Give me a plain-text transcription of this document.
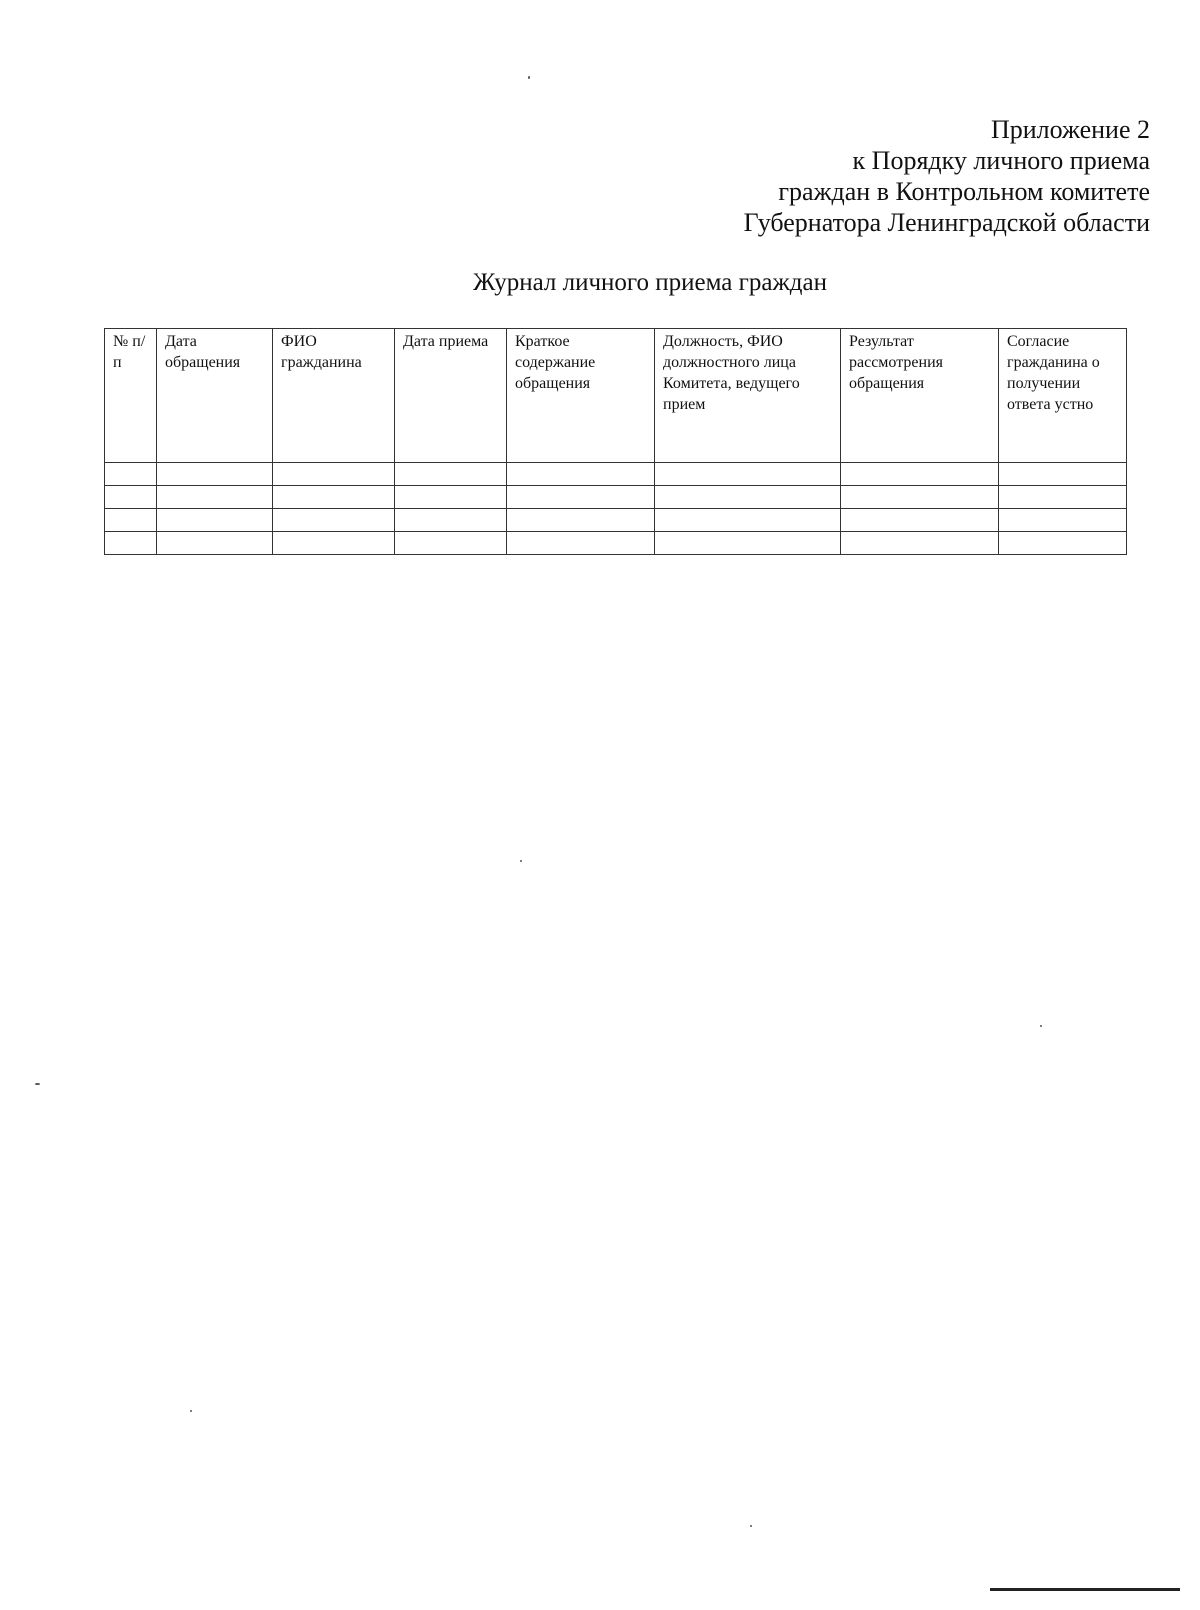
Приложение 2
к Порядку личного приема
граждан в Контрольном комитете
Губернатора Ленинградской области
Журнал личного приема граждан
№ п/п	Дата обращения	ФИО гражданина	Дата приема	Краткое содержание обращения	Должность, ФИО должностного лица Комитета, ведущего прием	Результат рассмотрения обращения	Согласие гражданина о получении ответа устно
